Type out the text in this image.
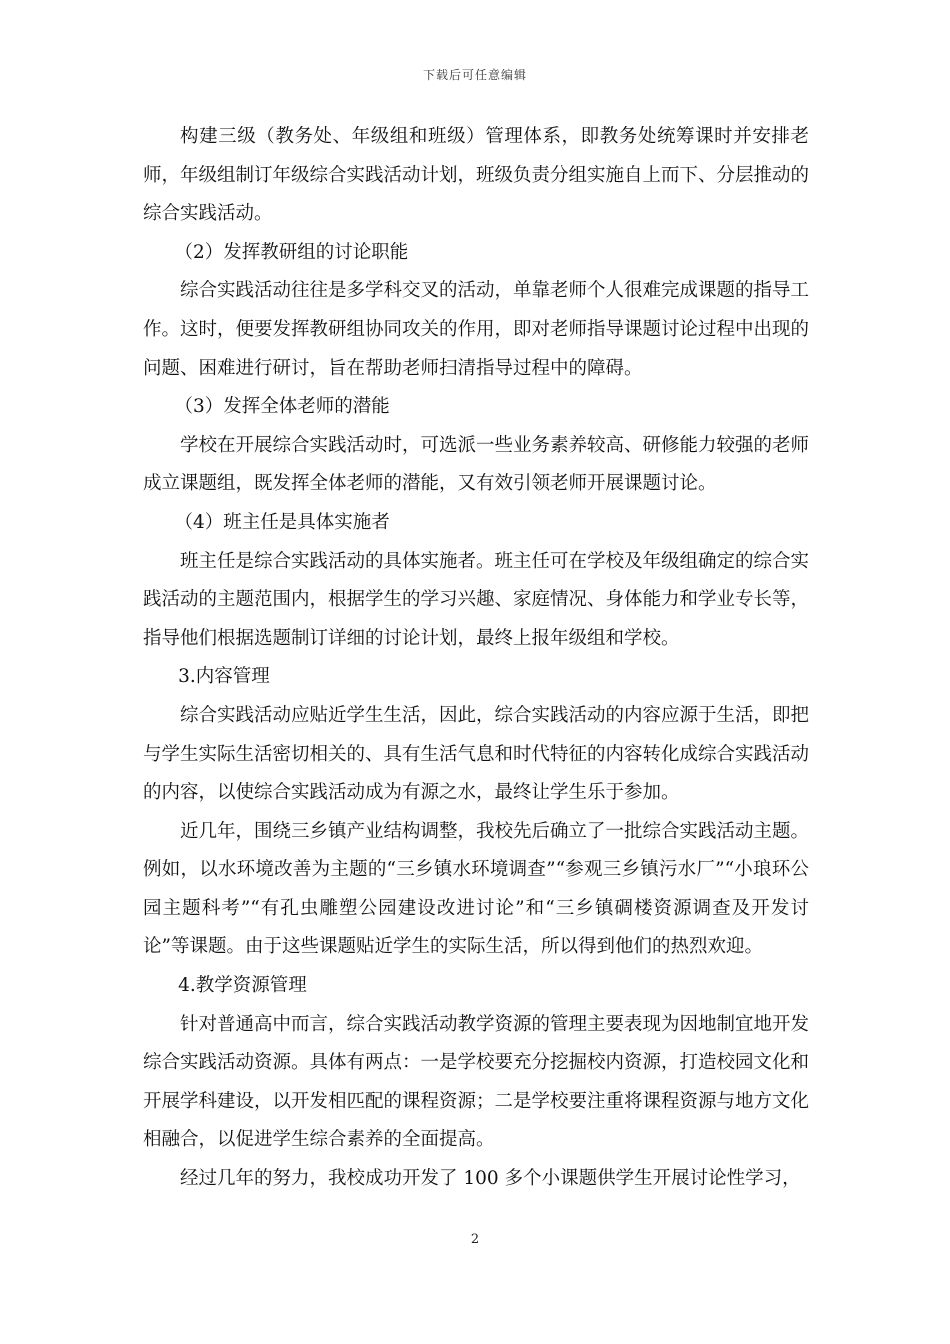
下载后可任意编辑

构建三级（教务处、年级组和班级）管理体系，即教务处统筹课时并安排老师，年级组制订年级综合实践活动计划，班级负责分组实施自上而下、分层推动的综合实践活动。

（2）发挥教研组的讨论职能

综合实践活动往往是多学科交叉的活动，单靠老师个人很难完成课题的指导工作。这时，便要发挥教研组协同攻关的作用，即对老师指导课题讨论过程中出现的问题、困难进行研讨，旨在帮助老师扫清指导过程中的障碍。

（3）发挥全体老师的潜能

学校在开展综合实践活动时，可选派一些业务素养较高、研修能力较强的老师成立课题组，既发挥全体老师的潜能，又有效引领老师开展课题讨论。

（4）班主任是具体实施者

班主任是综合实践活动的具体实施者。班主任可在学校及年级组确定的综合实践活动的主题范围内，根据学生的学习兴趣、家庭情况、身体能力和学业专长等，指导他们根据选题制订详细的讨论计划，最终上报年级组和学校。

3.内容管理

综合实践活动应贴近学生生活，因此，综合实践活动的内容应源于生活，即把与学生实际生活密切相关的、具有生活气息和时代特征的内容转化成综合实践活动的内容，以使综合实践活动成为有源之水，最终让学生乐于参加。

近几年，围绕三乡镇产业结构调整，我校先后确立了一批综合实践活动主题。例如，以水环境改善为主题的“三乡镇水环境调查”“参观三乡镇污水厂”“小琅环公园主题科考”“有孔虫雕塑公园建设改进讨论”和“三乡镇碉楼资源调查及开发讨论”等课题。由于这些课题贴近学生的实际生活，所以得到他们的热烈欢迎。

4.教学资源管理

针对普通高中而言，综合实践活动教学资源的管理主要表现为因地制宜地开发综合实践活动资源。具体有两点：一是学校要充分挖掘校内资源，打造校园文化和开展学科建设，以开发相匹配的课程资源；二是学校要注重将课程资源与地方文化相融合，以促进学生综合素养的全面提高。

经过几年的努力，我校成功开发了 100 多个小课题供学生开展讨论性学习，

2
